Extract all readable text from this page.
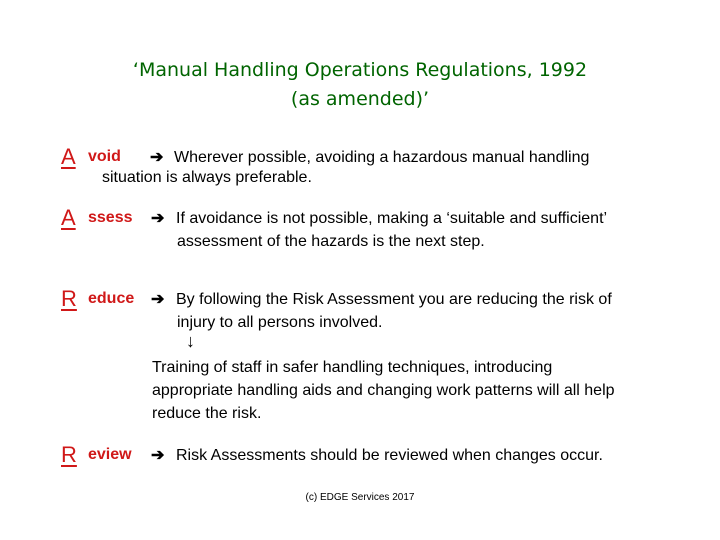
‘Manual Handling Operations Regulations, 1992
(as amended)’
A void ➔ Wherever possible, avoiding a hazardous manual handling
situation is always preferable.
A ssess ➔ If avoidance is not possible, making a ‘suitable and sufficient’
assessment of the hazards is the next step.
R educe ➔ By following the Risk Assessment you are reducing the risk of
injury to all persons involved.
↓
Training of staff in safer handling techniques, introducing
appropriate handling aids and changing work patterns will all help
reduce the risk.
R eview ➔ Risk Assessments should be reviewed when changes occur.
(c) EDGE Services 2017
